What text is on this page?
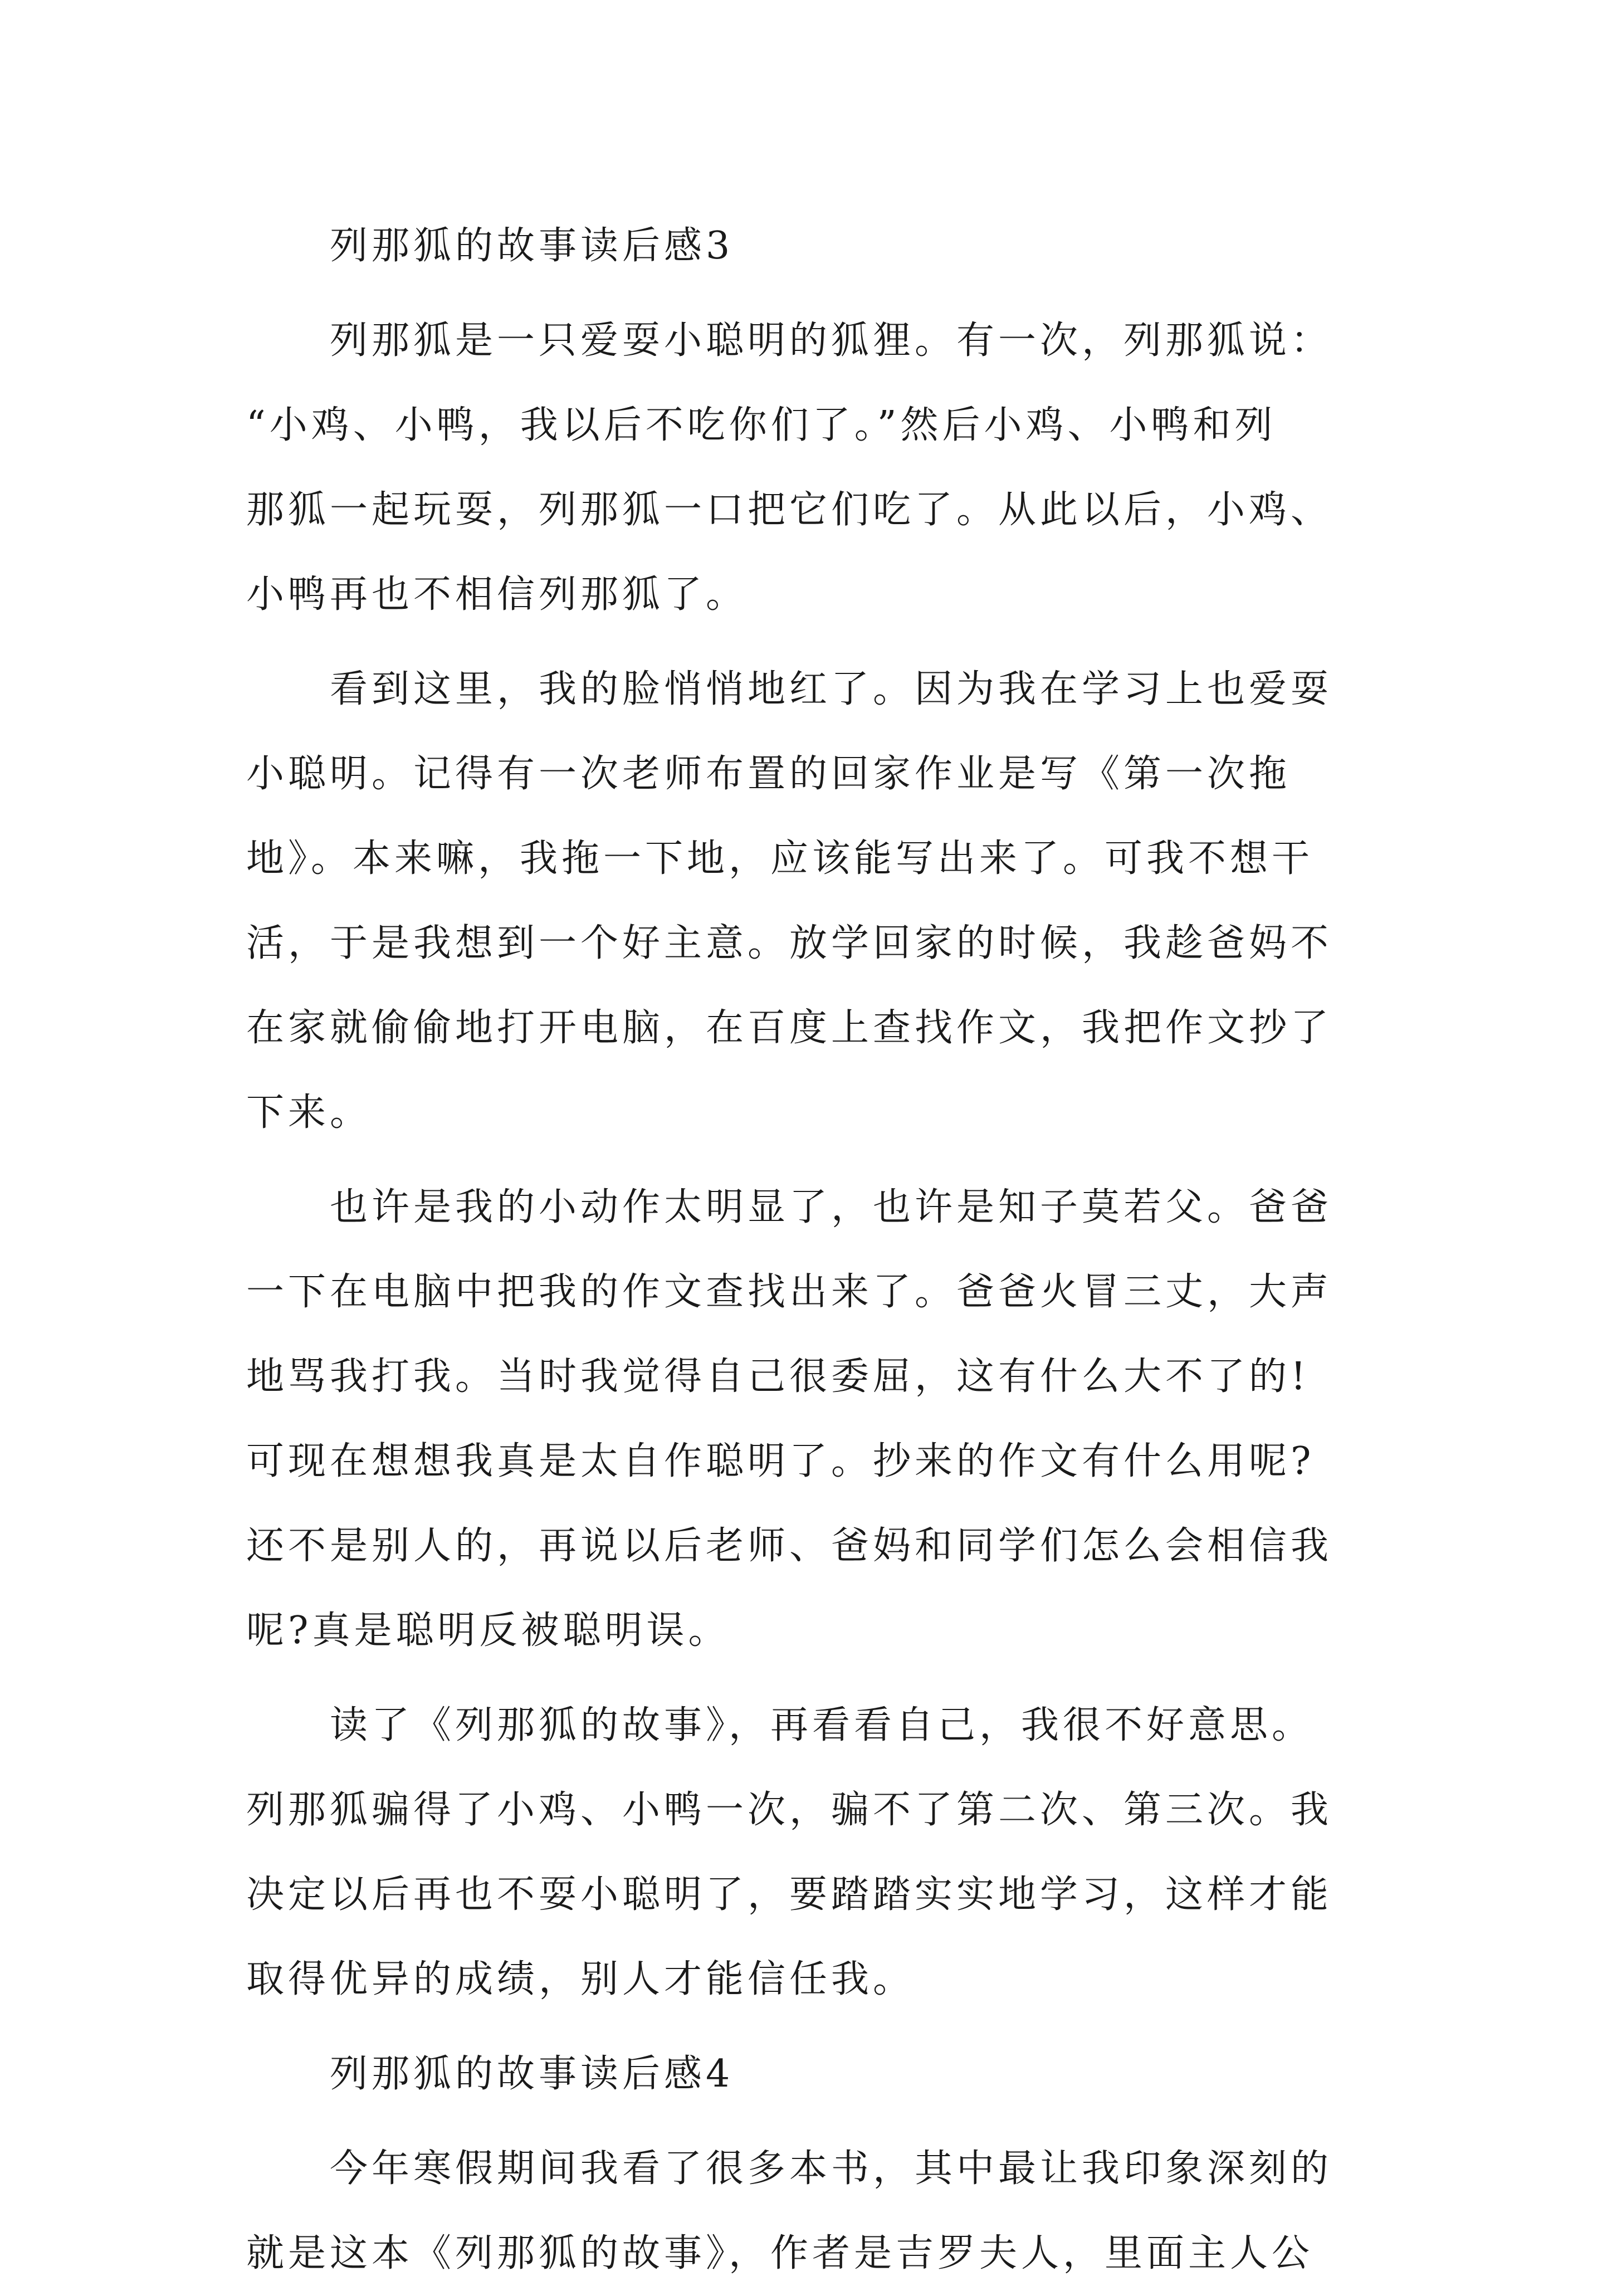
列那狐的故事读后感3
列那狐是一只爱耍小聪明的狐狸。有一次，列那狐说：
“小鸡、小鸭，我以后不吃你们了。”然后小鸡、小鸭和列
那狐一起玩耍，列那狐一口把它们吃了。从此以后，小鸡、
小鸭再也不相信列那狐了。
看到这里，我的脸悄悄地红了。因为我在学习上也爱耍
小聪明。记得有一次老师布置的回家作业是写《第一次拖
地》。本来嘛，我拖一下地，应该能写出来了。可我不想干
活，于是我想到一个好主意。放学回家的时候，我趁爸妈不
在家就偷偷地打开电脑，在百度上查找作文，我把作文抄了
下来。
也许是我的小动作太明显了，也许是知子莫若父。爸爸
一下在电脑中把我的作文查找出来了。爸爸火冒三丈，大声
地骂我打我。当时我觉得自己很委屈，这有什么大不了的!
可现在想想我真是太自作聪明了。抄来的作文有什么用呢?
还不是别人的，再说以后老师、爸妈和同学们怎么会相信我
呢?真是聪明反被聪明误。
读了《列那狐的故事》，再看看自己，我很不好意思。
列那狐骗得了小鸡、小鸭一次，骗不了第二次、第三次。我
决定以后再也不耍小聪明了，要踏踏实实地学习，这样才能
取得优异的成绩，别人才能信任我。
列那狐的故事读后感4
今年寒假期间我看了很多本书，其中最让我印象深刻的
就是这本《列那狐的故事》，作者是吉罗夫人，里面主人公
